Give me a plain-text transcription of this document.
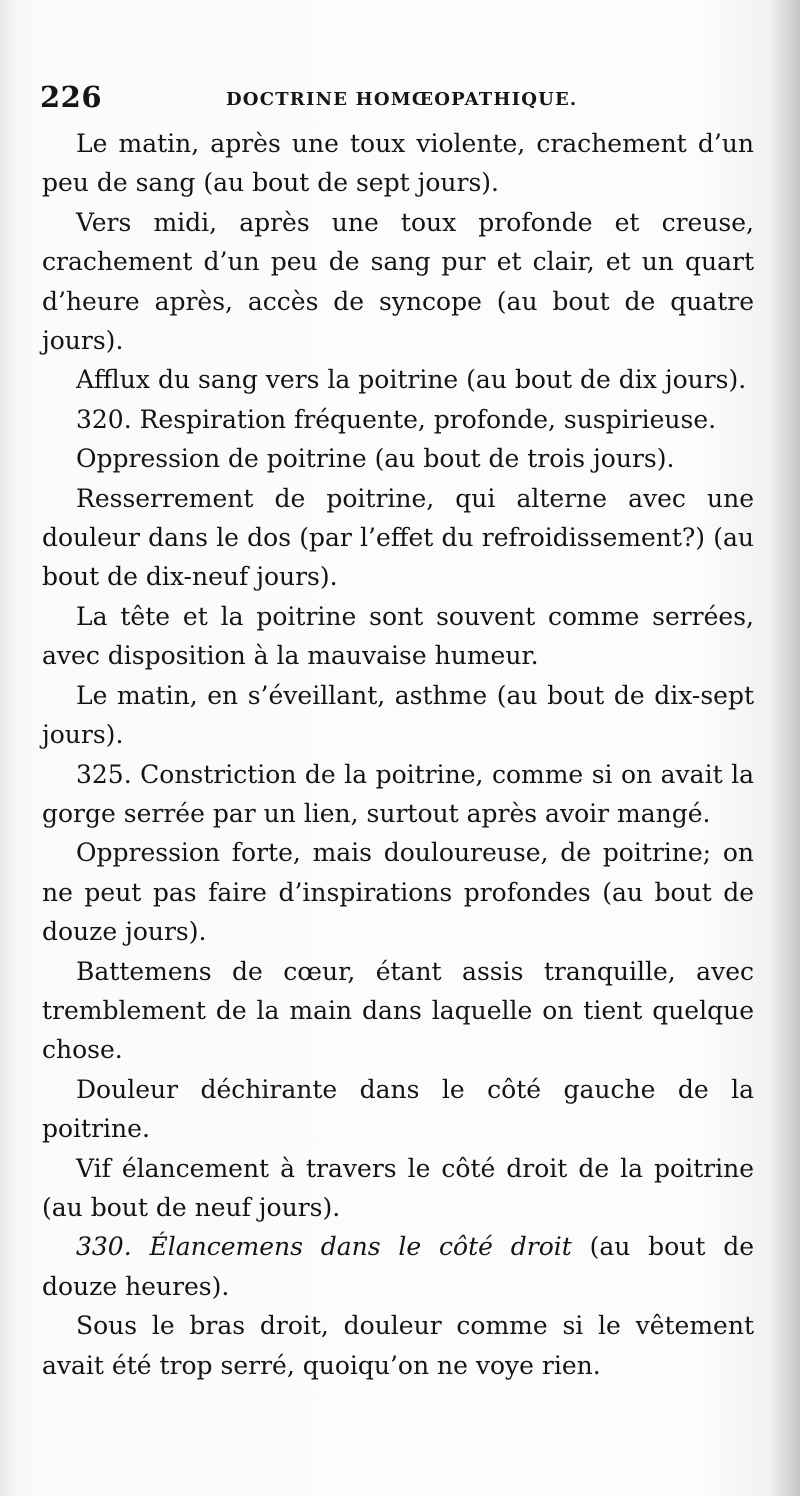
226	DOCTRINE HOMŒOPATHIQUE.

Le matin, après une toux violente, crachement d’un peu de sang (au bout de sept jours).

Vers midi, après une toux profonde et creuse, crachement d’un peu de sang pur et clair, et un quart d’heure après, accès de syncope (au bout de quatre jours).

Afflux du sang vers la poitrine (au bout de dix jours).

320. Respiration fréquente, profonde, suspirieuse.

Oppression de poitrine (au bout de trois jours).

Resserrement de poitrine, qui alterne avec une douleur dans le dos (par l’effet du refroidissement?) (au bout de dix-neuf jours).

La tête et la poitrine sont souvent comme serrées, avec disposition à la mauvaise humeur.

Le matin, en s’éveillant, asthme (au bout de dix-sept jours).

325. Constriction de la poitrine, comme si on avait la gorge serrée par un lien, surtout après avoir mangé.

Oppression forte, mais douloureuse, de poitrine; on ne peut pas faire d’inspirations profondes (au bout de douze jours).

Battemens de cœur, étant assis tranquille, avec tremblement de la main dans laquelle on tient quelque chose.

Douleur déchirante dans le côté gauche de la poitrine.

Vif élancement à travers le côté droit de la poitrine (au bout de neuf jours).

330. Élancemens dans le côté droit (au bout de douze heures).

Sous le bras droit, douleur comme si le vêtement avait été trop serré, quoiqu’on ne voye rien.
